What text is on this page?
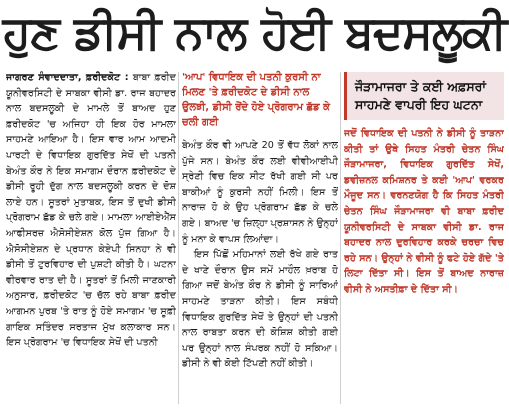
ਹੁਣ ਡੀਸੀ ਨਾਲ ਹੋਈ ਬਦਸਲੂਕੀ

ਜਾਗਰਣ ਸੰਵਾਦਦਾਤਾ, ਫ਼ਰੀਦਕੋਟ : ਬਾਬਾ ਫ਼ਰੀਦ ਯੂਨੀਵਰਸਿਟੀ ਦੇ ਸਾਬਕਾ ਵੀਸੀ ਡਾ. ਰਾਜ ਬਹਾਦਰ ਨਾਲ ਬਦਸਲੂਕੀ ਦੇ ਮਾਮਲੇ ਤੋਂ ਬਾਅਦ ਹੁਣ ਫ਼ਰੀਦਕੋਟ 'ਚ ਅਜਿਹਾ ਹੀ ਇਕ ਹੋਰ ਮਾਮਲਾ ਸਾਹਮਣੇ ਆਇਆ ਹੈ। ਇਸ ਵਾਰ ਆਮ ਆਦਮੀ ਪਾਰਟੀ ਦੇ ਵਿਧਾਇਕ ਗੁਰਦਿੱਤ ਸੇਖੋਂ ਦੀ ਪਤਨੀ ਬੇਅੰਤ ਕੌਰ ਨੇ ਇਕ ਸਮਾਗਮ ਦੌਰਾਨ ਫ਼ਰੀਦਕੋਟ ਦੇ ਡੀਸੀ ਰੂਹੀ ਦੁੱਗ ਨਾਲ ਬਦਸਲੂਕੀ ਕਰਨ ਦੇ ਦੋਸ਼ ਲਾਏ ਹਨ। ਸੂਤਰਾਂ ਮੁਤਾਬਕ, ਇਸ ਤੋਂ ਦੁਖੀ ਡੀਸੀ ਪ੍ਰੋਗਰਾਮ ਛੱਡ ਕੇ ਚਲੇ ਗਏ। ਮਾਮਲਾ ਆਈਏਐੱਸ ਆਫੀਸਰਜ਼ ਐਸੋਸੀਏਸ਼ਨ ਕੋਲ ਪੁੱਜ ਗਿਆ ਹੈ। ਐਸੋਸੀਏਸ਼ਨ ਦੇ ਪ੍ਰਧਾਨ ਕੇਏਪੀ ਸਿਨਹਾ ਨੇ ਵੀ ਡੀਸੀ ਤੋਂ ਟੁਰਵਿਹਾਰ ਦੀ ਪੁਸ਼ਟੀ ਕੀਤੀ ਹੈ। ਘਟਨਾ ਵੀਰਵਾਰ ਰਾਤ ਦੀ ਹੈ। ਸੂਤਰਾਂ ਤੋਂ ਮਿਲੀ ਜਾਣਕਾਰੀ ਅਨੁਸਾਰ, ਫ਼ਰੀਦਕੋਟ 'ਚ ਚੱਲ ਰਹੇ ਬਾਬਾ ਫ਼ਰੀਦ ਆਗਮਨ ਪੁਰਬ 'ਤੇ ਰਾਤ ਨੂੰ ਹੋਏ ਸਮਾਗਮ 'ਚ ਸੂਫ਼ੀ ਗਾਇਕ ਸਤਿੰਦਰ ਸਰਤਾਜ ਮੁੱਖ ਕਲਾਕਾਰ ਸਨ। ਇਸ ਪ੍ਰੋਗਰਾਮ 'ਚ ਵਿਧਾਇਕ ਸੇਖੋਂ ਦੀ ਪਤਨੀ

'ਆਪ' ਵਿਧਾਇਕ ਦੀ ਪਤਨੀ ਕੁਰਸੀ ਨਾ ਮਿਲਣ 'ਤੇ ਫ਼ਰੀਦਕੋਟ ਦੇ ਡੀਸੀ ਨਾਲ ਉਲਝੀ, ਡੀਸੀ ਰੋਂਦੇ ਹੋਏ ਪ੍ਰੋਗਰਾਮ ਛੱਡ ਕੇ ਚਲੀ ਗਈ

ਬੇਅੰਤ ਕੌਰ ਵੀ ਆਪਣੇ 20 ਤੋਂ ਵੱਧ ਲੋਕਾਂ ਨਾਲ ਪੁੱਜੇ ਸਨ। ਬੇਅੰਤ ਕੌਰ ਲਈ ਵੀਵੀਆਈਪੀ ਸ੍ਰੇਣੀ ਵਿਚ ਇਕ ਸੀਟ ਰੱਖੀ ਗਈ ਸੀ ਪਰ ਬਾਕੀਆਂ ਨੂੰ ਕੁਰਸੀ ਨਹੀਂ ਮਿਲੀ। ਇਸ ਤੋਂ ਨਾਰਾਜ਼ ਹੋ ਕੇ ਉਹ ਪ੍ਰੋਗਰਾਮ ਛੱਡ ਕੇ ਚਲੇ ਗਏ। ਬਾਅਦ 'ਚ ਜ਼ਿਲ੍ਹਾ ਪ੍ਰਸ਼ਾਸਨ ਨੇ ਉਨ੍ਹਾਂ ਨੂੰ ਮਨਾ ਕੇ ਵਾਪਸ ਲਿਆਂਦਾ।

ਇਸ ਪਿੱਛੋਂ ਮਹਿਮਾਨਾਂ ਲਈ ਰੱਖੇ ਗਏ ਰਾਤ ਦੇ ਖਾਣੇ ਦੌਰਾਨ ਉਸ ਸਮੇਂ ਮਾਹੌਲ ਖ਼ਰਾਬ ਹੋ ਗਿਆ ਜਦੋਂ ਬੇਅੰਤ ਕੌਰ ਨੇ ਡੀਸੀ ਨੂੰ ਸਾਰਿਆਂ ਸਾਹਮਣੇ ਤਾੜਨਾ ਕੀਤੀ। ਇਸ ਸਬੰਧੀ ਵਿਧਾਇਕ ਗੁਰਦਿੱਤ ਸੇਖੋਂ ਤੇ ਉਨ੍ਹਾਂ ਦੀ ਪਤਨੀ ਨਾਲ ਰਾਬਤਾ ਕਰਨ ਦੀ ਕੋਸ਼ਿਸ਼ ਕੀਤੀ ਗਈ ਪਰ ਉਨ੍ਹਾਂ ਨਾਲ ਸੰਪਰਕ ਨਹੀਂ ਹੋ ਸਕਿਆ। ਡੀਸੀ ਨੇ ਵੀ ਕੋਈ ਟਿੱਪਣੀ ਨਹੀਂ ਕੀਤੀ।

ਜੌੜਾਮਾਜਰਾ ਤੇ ਕਈ ਅਫ਼ਸਰਾਂ ਸਾਹਮਣੇ ਵਾਪਰੀ ਇਹ ਘਟਨਾ
ਜਦੋਂ ਵਿਧਾਇਕ ਦੀ ਪਤਨੀ ਨੇ ਡੀਸੀ ਨੂੰ ਤਾੜਨਾ ਕੀਤੀ ਤਾਂ ਉਥੇ ਸਿਹਤ ਮੰਤਰੀ ਚੇਤਨ ਸਿੰਘ ਜੌੜਾਮਾਜਰਾ, ਵਿਧਾਇਕ ਗੁਰਦਿੱਤ ਸੇਖੋਂ, ਡਵੀਜ਼ਨਲ ਕਮਿਸ਼ਨਰ ਤੇ ਕਈ 'ਆਪ' ਵਰਕਰ ਮੌਜੂਦ ਸਨ। ਵਰਨਣਯੋਗ ਹੈ ਕਿ ਸਿਹਤ ਮੰਤਰੀ ਚੇਤਨ ਸਿੰਘ ਜੌੜਾਮਾਜਰਾ ਵੀ ਬਾਬਾ ਫ਼ਰੀਦ ਯੂਨੀਵਰਸਿਟੀ ਦੇ ਸਾਬਕਾ ਵੀਸੀ ਡਾ. ਰਾਜ ਬਹਾਦਰ ਨਾਲ ਦੁਰਵਿਹਾਰ ਕਰਕੇ ਚਰਚਾ ਵਿਚ ਰਹੇ ਸਨ। ਉਨ੍ਹਾਂ ਨੇ ਵੀਸੀ ਨੂੰ ਫਟੇ ਹੋਏ ਗੱਦੇ 'ਤੇ ਲਿਟਾ ਦਿੱਤਾ ਸੀ। ਇਸ ਤੋਂ ਬਾਅਦ ਨਾਰਾਜ਼ ਵੀਸੀ ਨੇ ਅਸਤੀਫ਼ਾ ਦੇ ਦਿੱਤਾ ਸੀ।
